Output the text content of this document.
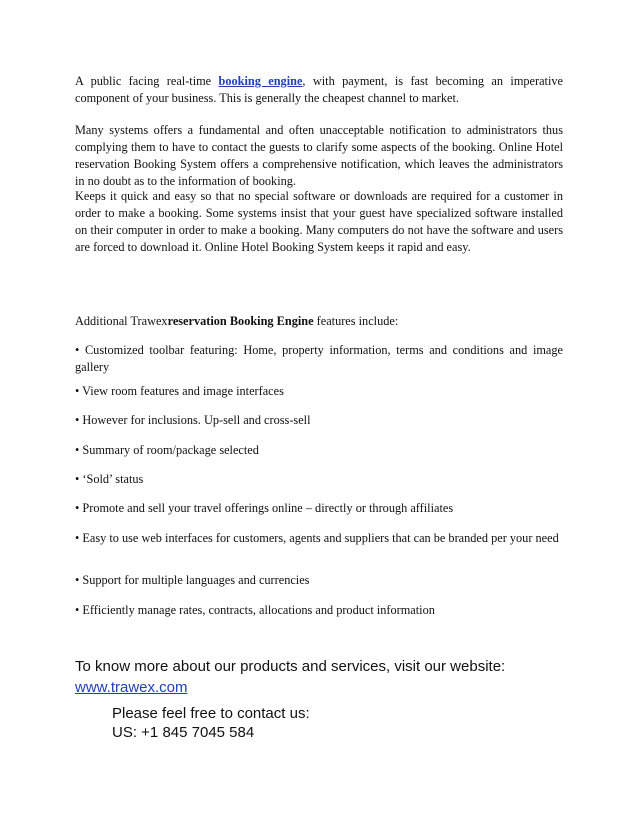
A public facing real-time booking engine, with payment, is fast becoming an imperative component of your business. This is generally the cheapest channel to market.

Many systems offers a fundamental and often unacceptable notification to administrators thus complying them to have to contact the guests to clarify some aspects of the booking. Online Hotel reservation Booking System offers a comprehensive notification, which leaves the administrators in no doubt as to the information of booking.

Keeps it quick and easy so that no special software or downloads are required for a customer in order to make a booking. Some systems insist that your guest have specialized software installed on their computer in order to make a booking. Many computers do not have the software and users are forced to download it. Online Hotel Booking System keeps it rapid and easy.

Additional Trawexreservation Booking Engine features include:

• Customized toolbar featuring: Home, property information, terms and conditions and image gallery

• View room features and image interfaces

• However for inclusions. Up-sell and cross-sell

• Summary of room/package selected

• ‘Sold’ status

• Promote and sell your travel offerings online – directly or through affiliates

• Easy to use web interfaces for customers, agents and suppliers that can be branded per your need

• Support for multiple languages and currencies

• Efficiently manage rates, contracts, allocations and product information

To know more about our products and services, visit our website:

www.trawex.com

Please feel free to contact us:

US: +1 845 7045 584
